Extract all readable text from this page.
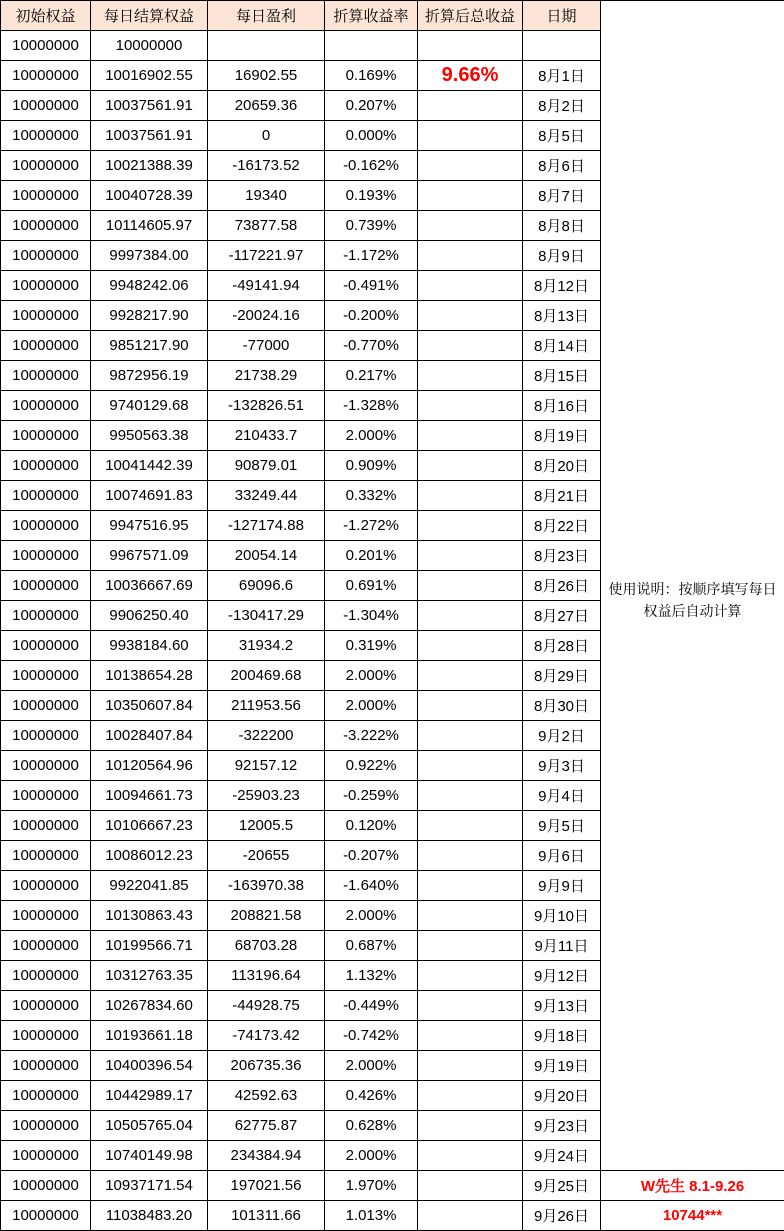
初始权益	每日结算权益	每日盈利	折算收益率	折算后总收益	日期	
10000000	10000000					使用说明：按顺序填写每日权益后自动计算
10000000	10016902.55	16902.55	0.169%	9.66%	8月1日	
10000000	10037561.91	20659.36	0.207%		8月2日	
10000000	10037561.91	0	0.000%		8月5日	
10000000	10021388.39	-16173.52	-0.162%		8月6日	
10000000	10040728.39	19340	0.193%		8月7日	
10000000	10114605.97	73877.58	0.739%		8月8日	
10000000	9997384.00	-117221.97	-1.172%		8月9日	
10000000	9948242.06	-49141.94	-0.491%		8月12日	
10000000	9928217.90	-20024.16	-0.200%		8月13日	
10000000	9851217.90	-77000	-0.770%		8月14日	
10000000	9872956.19	21738.29	0.217%		8月15日	
10000000	9740129.68	-132826.51	-1.328%		8月16日	
10000000	9950563.38	210433.7	2.000%		8月19日	
10000000	10041442.39	90879.01	0.909%		8月20日	
10000000	10074691.83	33249.44	0.332%		8月21日	
10000000	9947516.95	-127174.88	-1.272%		8月22日	
10000000	9967571.09	20054.14	0.201%		8月23日	
10000000	10036667.69	69096.6	0.691%		8月26日	
10000000	9906250.40	-130417.29	-1.304%		8月27日	
10000000	9938184.60	31934.2	0.319%		8月28日	
10000000	10138654.28	200469.68	2.000%		8月29日	
10000000	10350607.84	211953.56	2.000%		8月30日	
10000000	10028407.84	-322200	-3.222%		9月2日	
10000000	10120564.96	92157.12	0.922%		9月3日	
10000000	10094661.73	-25903.23	-0.259%		9月4日	
10000000	10106667.23	12005.5	0.120%		9月5日	
10000000	10086012.23	-20655	-0.207%		9月6日	
10000000	9922041.85	-163970.38	-1.640%		9月9日	
10000000	10130863.43	208821.58	2.000%		9月10日	
10000000	10199566.71	68703.28	0.687%		9月11日	
10000000	10312763.35	113196.64	1.132%		9月12日	
10000000	10267834.60	-44928.75	-0.449%		9月13日	
10000000	10193661.18	-74173.42	-0.742%		9月18日	
10000000	10400396.54	206735.36	2.000%		9月19日	
10000000	10442989.17	42592.63	0.426%		9月20日	
10000000	10505765.04	62775.87	0.628%		9月23日	
10000000	10740149.98	234384.94	2.000%		9月24日	
10000000	10937171.54	197021.56	1.970%		9月25日	W先生 8.1-9.26
10000000	11038483.20	101311.66	1.013%		9月26日	10744***
